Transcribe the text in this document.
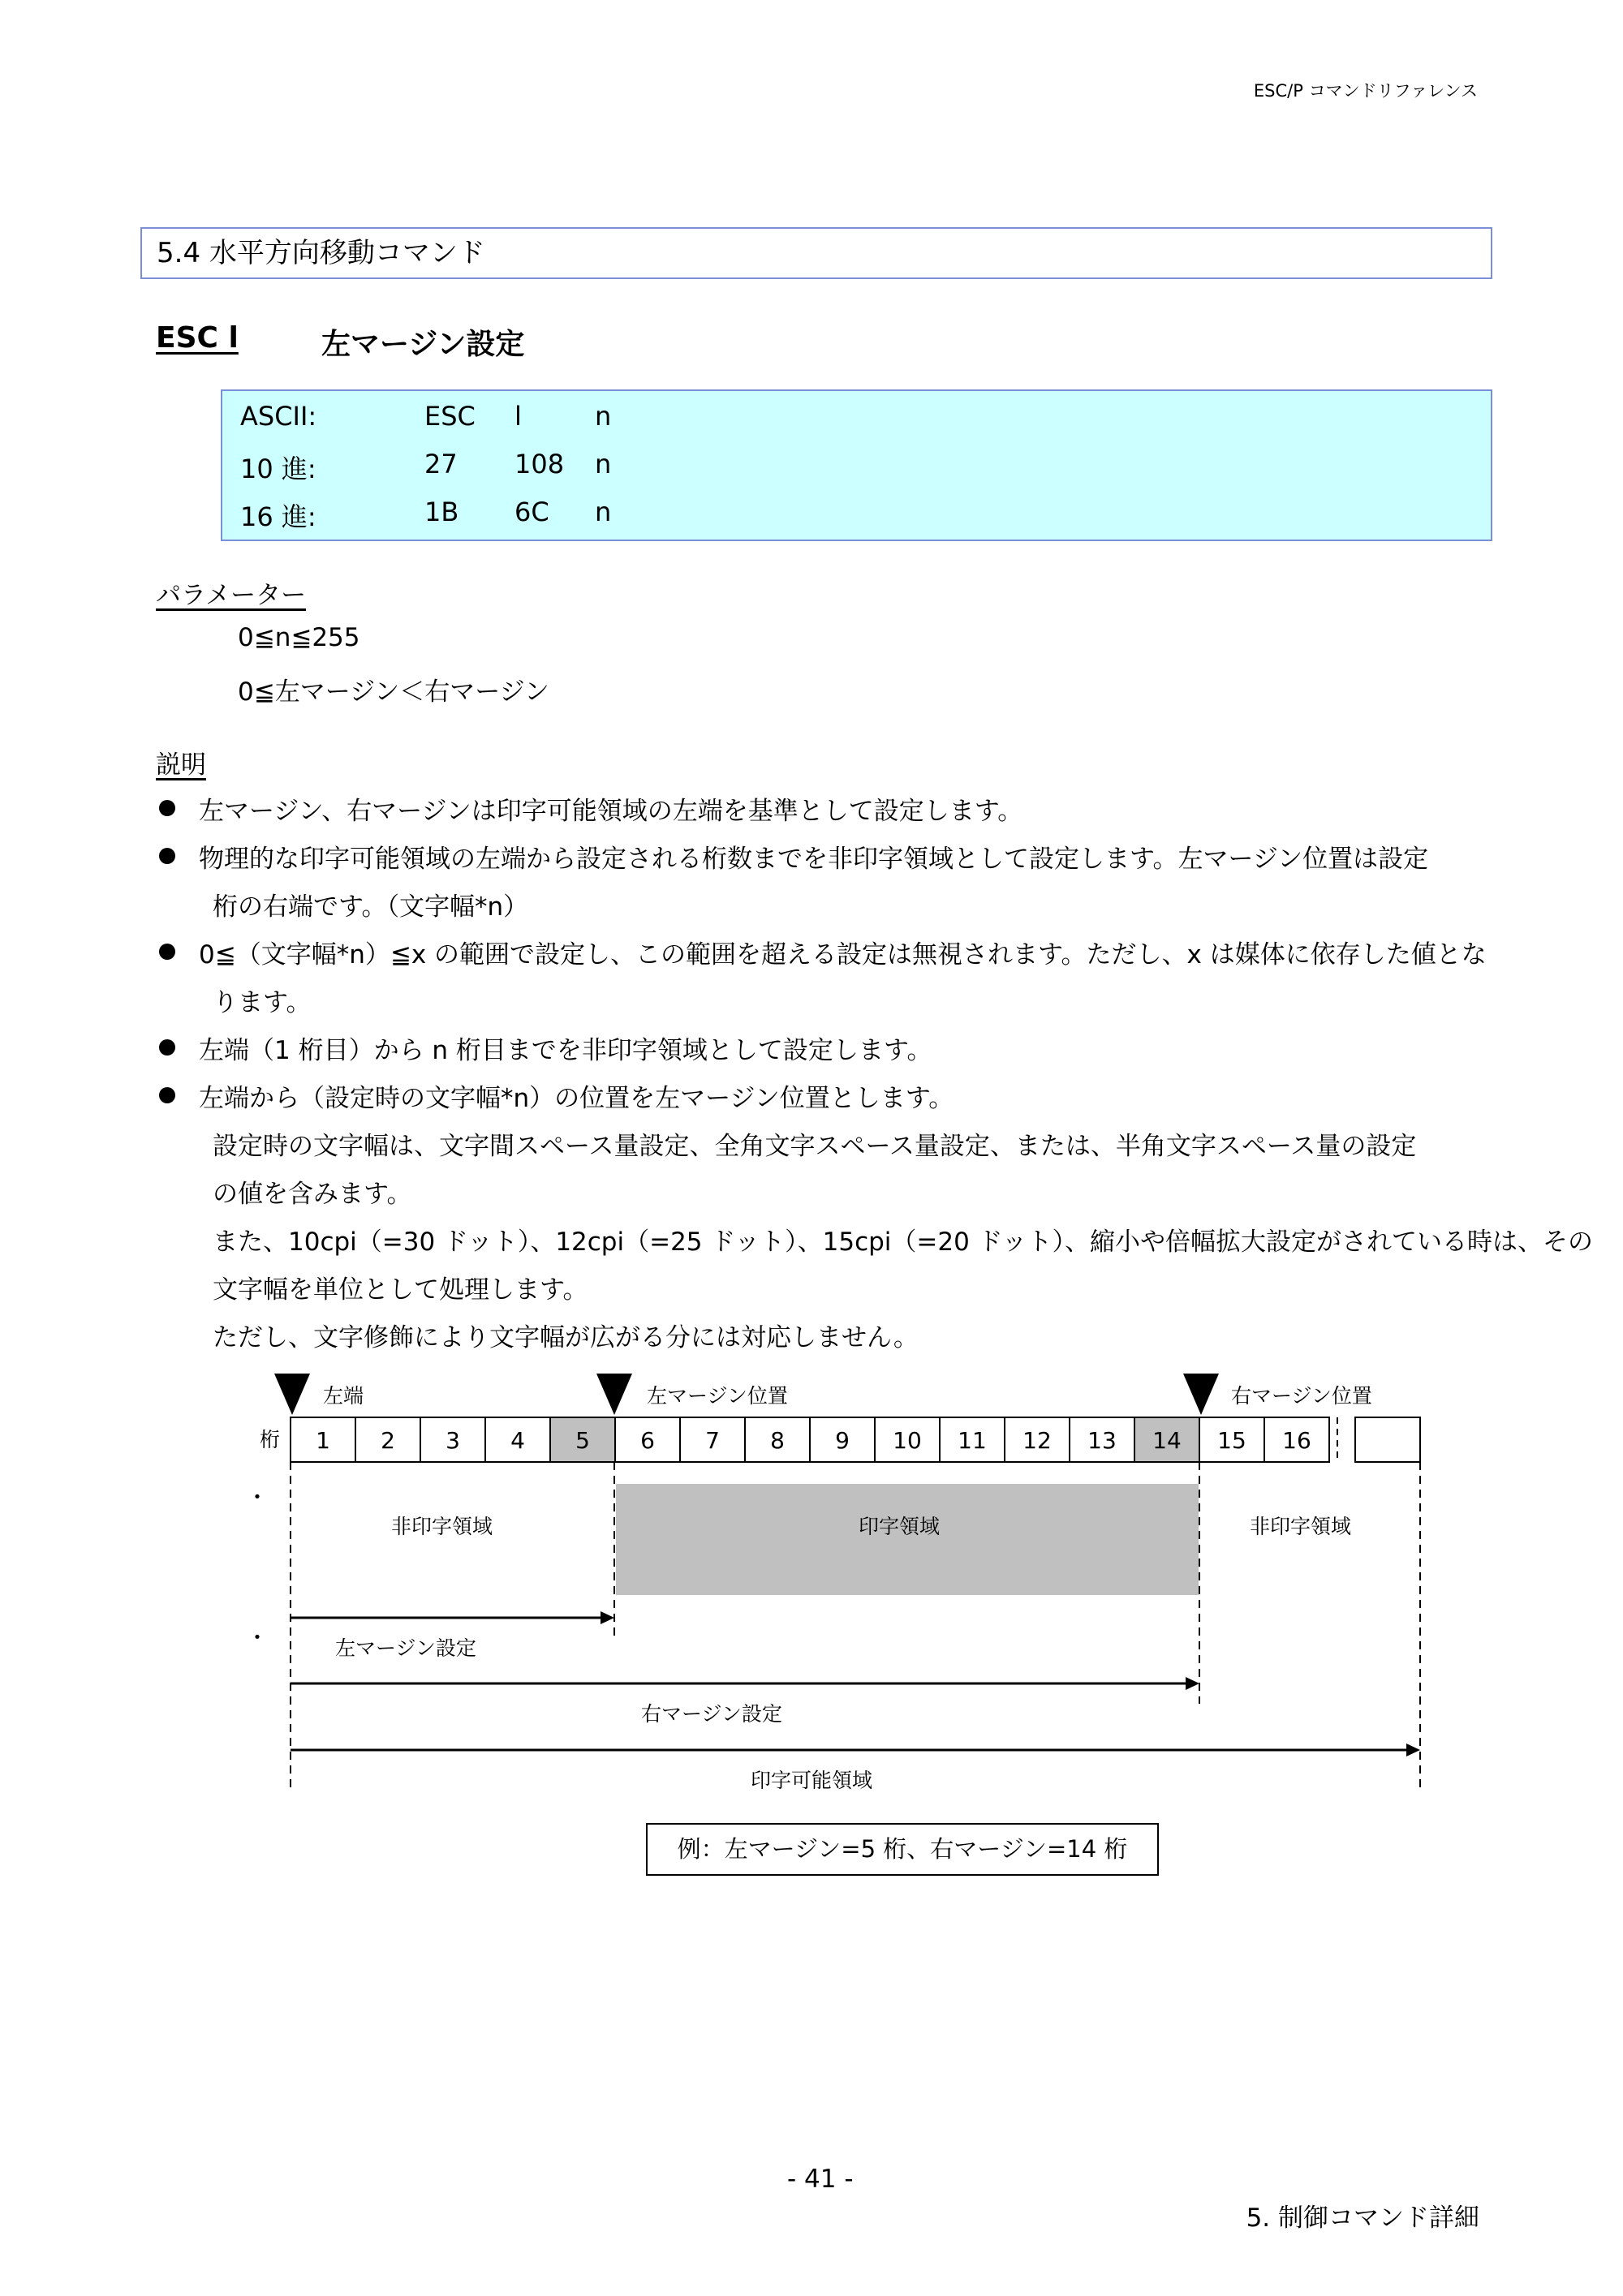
ESC/P コマンドリファレンス
5.4 水平方向移動コマンド
ESC l	左マージン設定
ASCII:	ESC l	n
10 進:	27 108 n
16 進:	1B 6C n
パラメーター
0≦n≦255
0≦左マージン＜右マージン
説明
左マージン、右マージンは印字可能領域の左端を基準として設定します。
物理的な印字可能領域の左端から設定される桁数までを非印字領域として設定します。左マージン位置は設定
桁の右端です。（文字幅*n）
0≦（文字幅*n）≦x の範囲で設定し、この範囲を超える設定は無視されます。ただし、x は媒体に依存した値とな
ります。
左端（1 桁目）から n 桁目までを非印字領域として設定します。
左端から（設定時の文字幅*n）の位置を左マージン位置とします。
設定時の文字幅は、文字間スペース量設定、全角文字スペース量設定、または、半角文字スペース量の設定
の値を含みます。
また、10cpi（=30 ドット）、12cpi（=25 ドット）、15cpi（=20 ドット）、縮小や倍幅拡大設定がされている時は、その
文字幅を単位として処理します。
ただし、文字修飾により文字幅が広がる分には対応しません。
左端	左マージン位置	右マージン位置
桁 1 2 3 4 5 6 7 8 9 10 11 12 13 14 15 16
・
・
非印字領域	印字領域	非印字領域
左マージン設定
右マージン設定
印字可能領域
例：左マージン=5 桁、右マージン=14 桁
- 41 -
5. 制御コマンド詳細
